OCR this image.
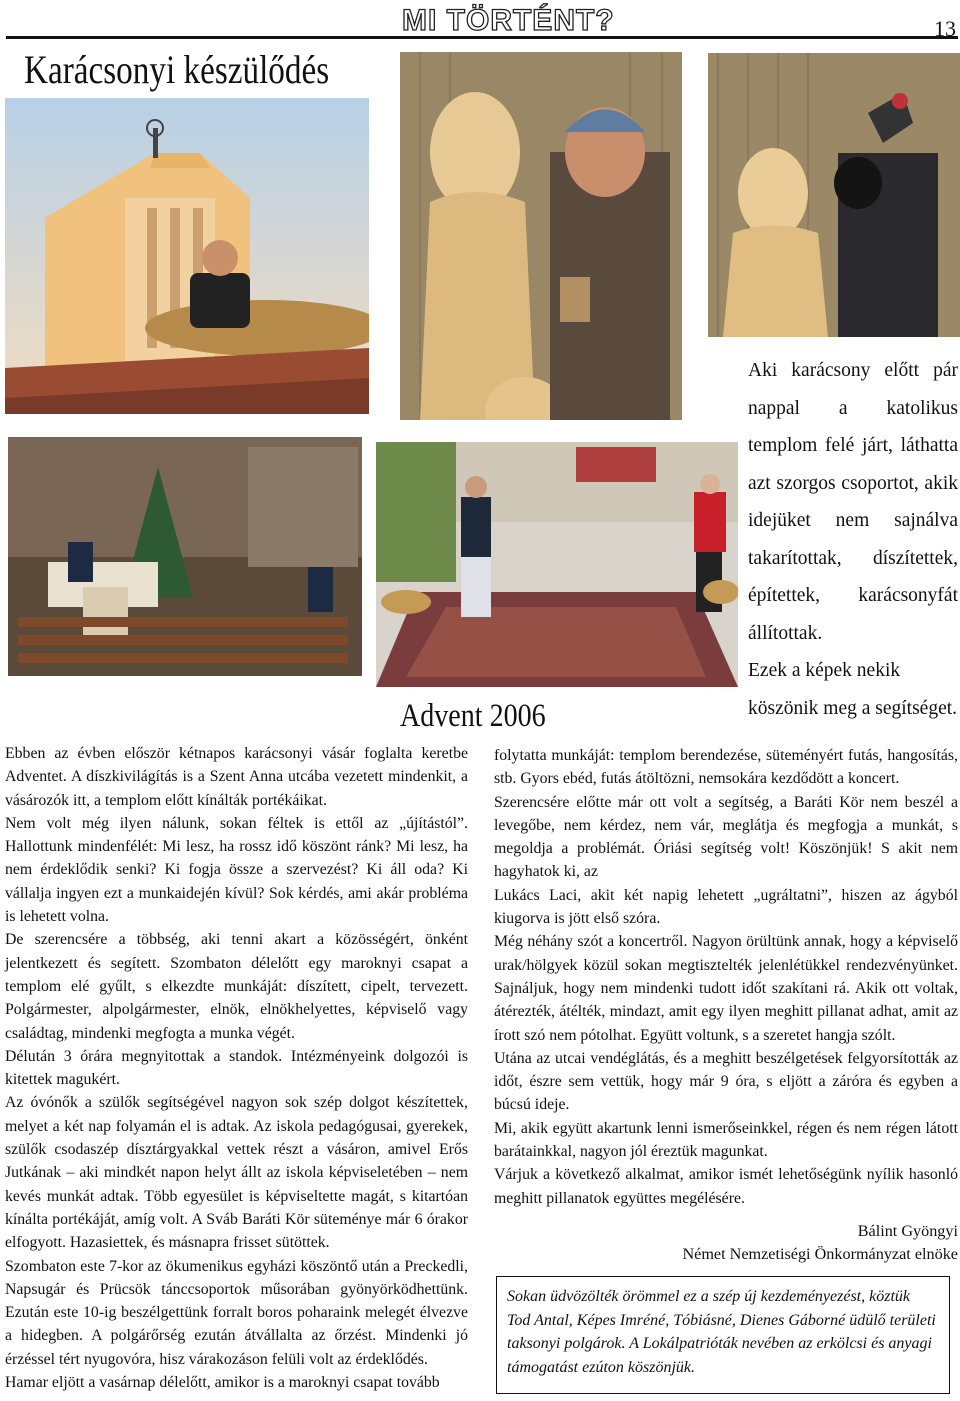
MI TÖRTÉNT?	13
Karácsonyi készülődés

Aki karácsony előtt pár nappal a katolikus templom felé járt, láthatta azt szorgos csoportot, akik idejüket nem sajnálva takarítottak, díszítettek, építettek, karácsonyfát állítottak.

Ezek a képek nekik köszönik meg a segítséget.

Advent 2006

Ebben az évben először kétnapos karácsonyi vásár foglalta keretbe Adventet. A díszkivilágítás is a Szent Anna utcába vezetett mindenkit, a vásározók itt, a templom előtt kínálták portékáikat.

Nem volt még ilyen nálunk, sokan féltek is ettől az „újítástól”. Hallottunk mindenfélét: Mi lesz, ha rossz idő köszönt ránk? Mi lesz, ha nem érdeklődik senki? Ki fogja össze a szervezést? Ki áll oda? Ki vállalja ingyen ezt a munkaidején kívül? Sok kérdés, ami akár probléma is lehetett volna.

De szerencsére a többség, aki tenni akart a közösségért, önként jelentkezett és segített. Szombaton délelőtt egy maroknyi csapat a templom elé gyűlt, s elkezdte munkáját: díszített, cipelt, tervezett. Polgármester, alpolgármester, elnök, elnökhelyettes, képviselő vagy családtag, mindenki megfogta a munka végét.

Délután 3 órára megnyitottak a standok. Intézményeink dolgozói is kitettek magukért.

Az óvónők a szülők segítségével nagyon sok szép dolgot készítettek, melyet a két nap folyamán el is adtak. Az iskola pedagógusai, gyerekek, szülők csodaszép dísztárgyakkal vettek részt a vásáron, amivel Erős Jutkának – aki mindkét napon helyt állt az iskola képviseletében – nem kevés munkát adtak. Több egyesület is képviseltette magát, s kitartóan kínálta portékáját, amíg volt. A Sváb Baráti Kör süteménye már 6 órakor elfogyott. Hazasiettek, és másnapra frisset sütöttek.

Szombaton este 7-kor az ökumenikus egyházi köszöntő után a Preckedli, Napsugár és Prücsök tánccsoportok műsorában gyönyörködhettünk. Ezután este 10-ig beszélgettünk forralt boros poharaink melegét élvezve a hidegben. A polgárőrség ezután átvállalta az őrzést. Mindenki jó érzéssel tért nyugovóra, hisz várakozáson felüli volt az érdeklődés.

Hamar eljött a vasárnap délelőtt, amikor is a maroknyi csapat tovább

folytatta munkáját: templom berendezése, süteményért futás, hangosítás, stb. Gyors ebéd, futás átöltözni, nemsokára kezdődött a koncert.

Szerencsére előtte már ott volt a segítség, a Baráti Kör nem beszél a levegőbe, nem kérdez, nem vár, meglátja és megfogja a munkát, s megoldja a problémát. Óriási segítség volt! Köszönjük! S akit nem hagyhatok ki, az

Lukács Laci, akit két napig lehetett „ugráltatni”, hiszen az ágyból kiugorva is jött első szóra.

Még néhány szót a koncertről. Nagyon örültünk annak, hogy a képviselő urak/hölgyek közül sokan megtisztelték jelenlétükkel rendezvényünket. Sajnáljuk, hogy nem mindenki tudott időt szakítani rá. Akik ott voltak, átérezték, átélték, mindazt, amit egy ilyen meghitt pillanat adhat, amit az írott szó nem pótolhat. Együtt voltunk, s a szeretet hangja szólt.

Utána az utcai vendéglátás, és a meghitt beszélgetések felgyorsították az időt, észre sem vettük, hogy már 9 óra, s eljött a záróra és egyben a búcsú ideje.

Mi, akik együtt akartunk lenni ismerőseinkkel, régen és nem régen látott barátainkkal, nagyon jól éreztük magunkat.

Várjuk a következő alkalmat, amikor ismét lehetőségünk nyílik hasonló meghitt pillanatok együttes megélésére.

Bálint Gyöngyi

Német Nemzetiségi Önkormányzat elnöke

Sokan üdvözölték örömmel ez a szép új kezdeményezést, köztük Tod Antal, Képes Imréné, Tóbiásné, Dienes Gáborné üdülő területi taksonyi polgárok. A Lokálpatrióták nevében az erkölcsi és anyagi támogatást ezúton köszönjük.
